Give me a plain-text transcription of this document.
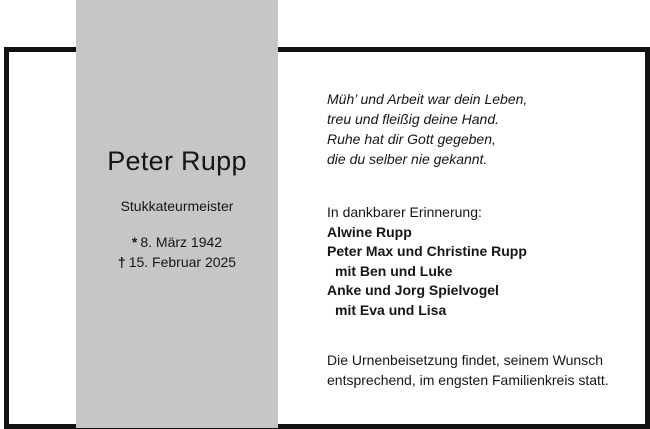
Peter Rupp
Stukkateurmeister
* 8. März 1942
† 15. Februar 2025
Müh’ und Arbeit war dein Leben,
treu und fleißig deine Hand.
Ruhe hat dir Gott gegeben,
die du selber nie gekannt.
In dankbarer Erinnerung:
Alwine Rupp
Peter Max und Christine Rupp
mit Ben und Luke
Anke und Jorg Spielvogel
mit Eva und Lisa
Die Urnenbeisetzung findet, seinem Wunsch
entsprechend, im engsten Familienkreis statt.
